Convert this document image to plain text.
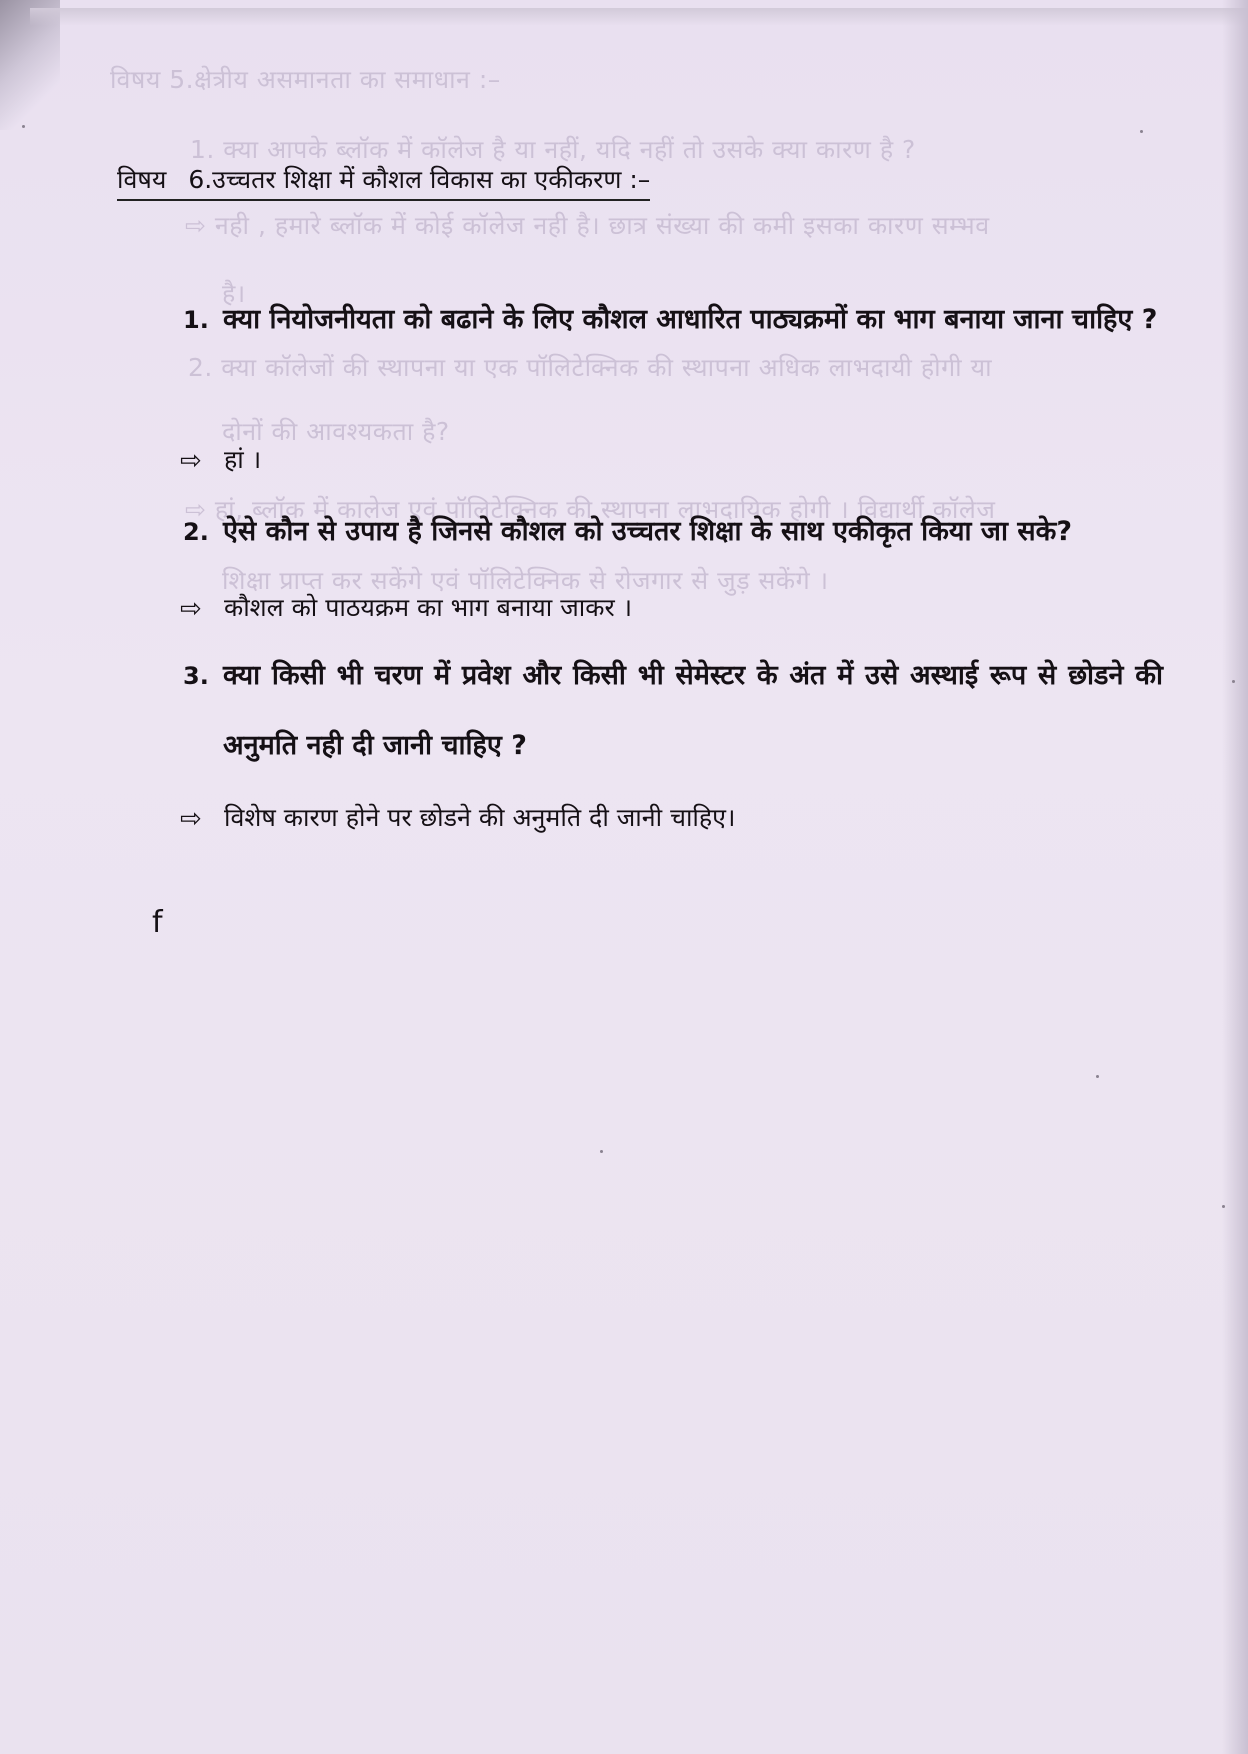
विषय 5.क्षेत्रीय असमानता का समाधान :–
1. क्या आपके ब्लॉक में कॉलेज है या नहीं, यदि नहीं तो उसके क्या कारण है ?
⇨ नही , हमारे ब्लॉक में कोई कॉलेज नही है। छात्र संख्या की कमी इसका कारण सम्भव
है।
2. क्या कॉलेजों की स्थापना या एक पॉलिटेक्निक की स्थापना अधिक लाभदायी होगी या
दोनों की आवश्यकता है?
⇨ हां, ब्लॉक में कालेज एवं पॉलिटेक्निक की स्थापना लाभदायिक होगी । विद्यार्थी कॉलेज
शिक्षा प्राप्त कर सकेंगे एवं पॉलिटेक्निक से रोजगार से जुड़ सकेंगे ।
विषय 6.उच्चतर शिक्षा में कौशल विकास का एकीकरण :–
1. क्या नियोजनीयता को बढाने के लिए कौशल आधारित पाठ्यक्रमों का भाग बनाया जाना चाहिए ?
⇨ हां ।
2. ऐसे कौन से उपाय है जिनसे कौशल को उच्चतर शिक्षा के साथ एकीकृत किया जा सके?
⇨ कौशल को पाठयक्रम का भाग बनाया जाकर ।
3. क्या किसी भी चरण में प्रवेश और किसी भी सेमेस्टर के अंत में उसे अस्थाई रूप से छोडने की अनुमति नही दी जानी चाहिए ?
⇨ विशेष कारण होने पर छोडने की अनुमति दी जानी चाहिए।
f
